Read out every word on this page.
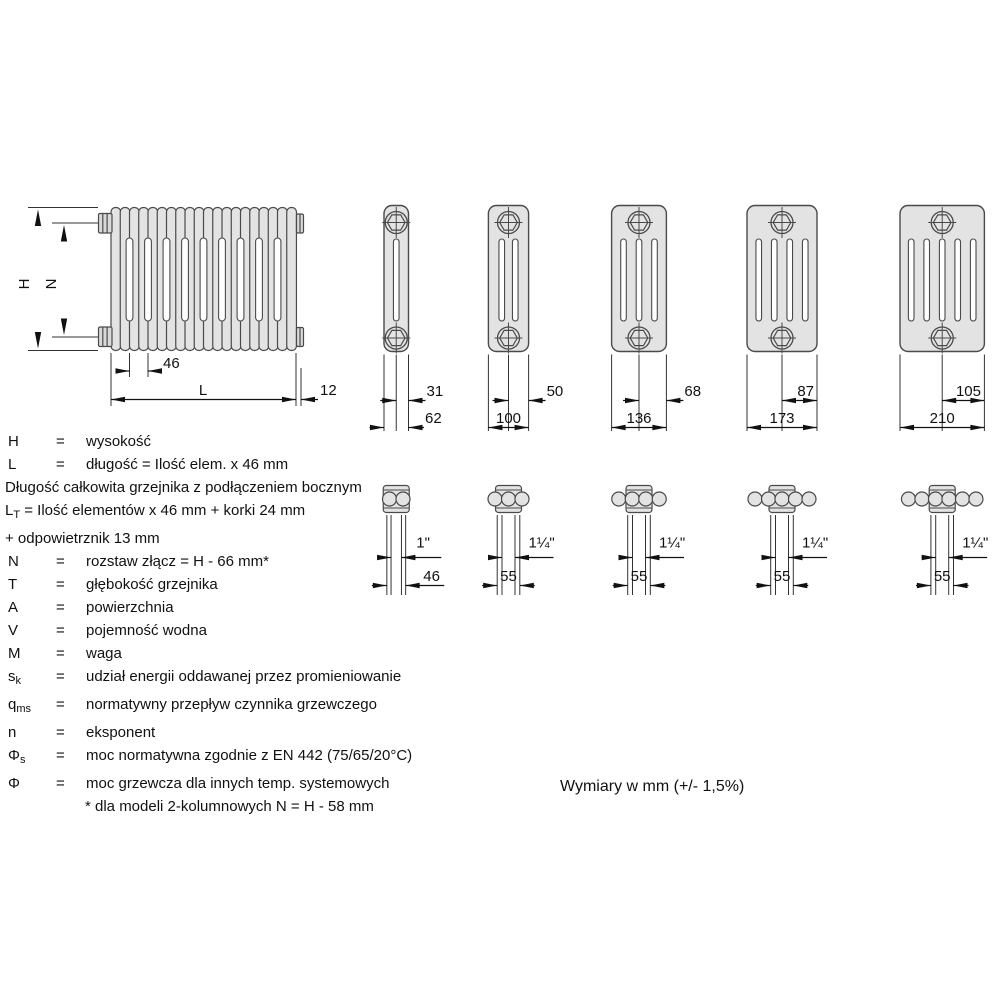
H N
46
L	12	31
62
50
100
68
136
87
173
105
210
1"
46
1¼"
55
1¼"
55
1¼"
55
1¼"
55
H	=	wysokość
L	=	długość = Ilość elem. x 46 mm
Długość całkowita grzejnika z podłączeniem bocznym
$L_T$ = Ilość elementów x 46 mm + korki 24 mm
+ odpowietrznik 13 mm
N	=	rozstaw złącz = H - 66 mm*
T	=	głębokość grzejnika
A	=	powierzchnia
V	=	pojemność wodna
M	=	waga
$s_k$	=	udział energii oddawanej przez promieniowanie
$q_{ms}$	=	normatywny przepływ czynnika grzewczego
n	=	eksponent
$\Phi_s$	=	moc normatywna zgodnie z EN 442 (75/65/20°C)
Φ	=	moc grzewcza dla innych temp. systemowych
* dla modeli 2-kolumnowych N = H - 58 mm
Wymiary w mm (+/- 1,5%)
